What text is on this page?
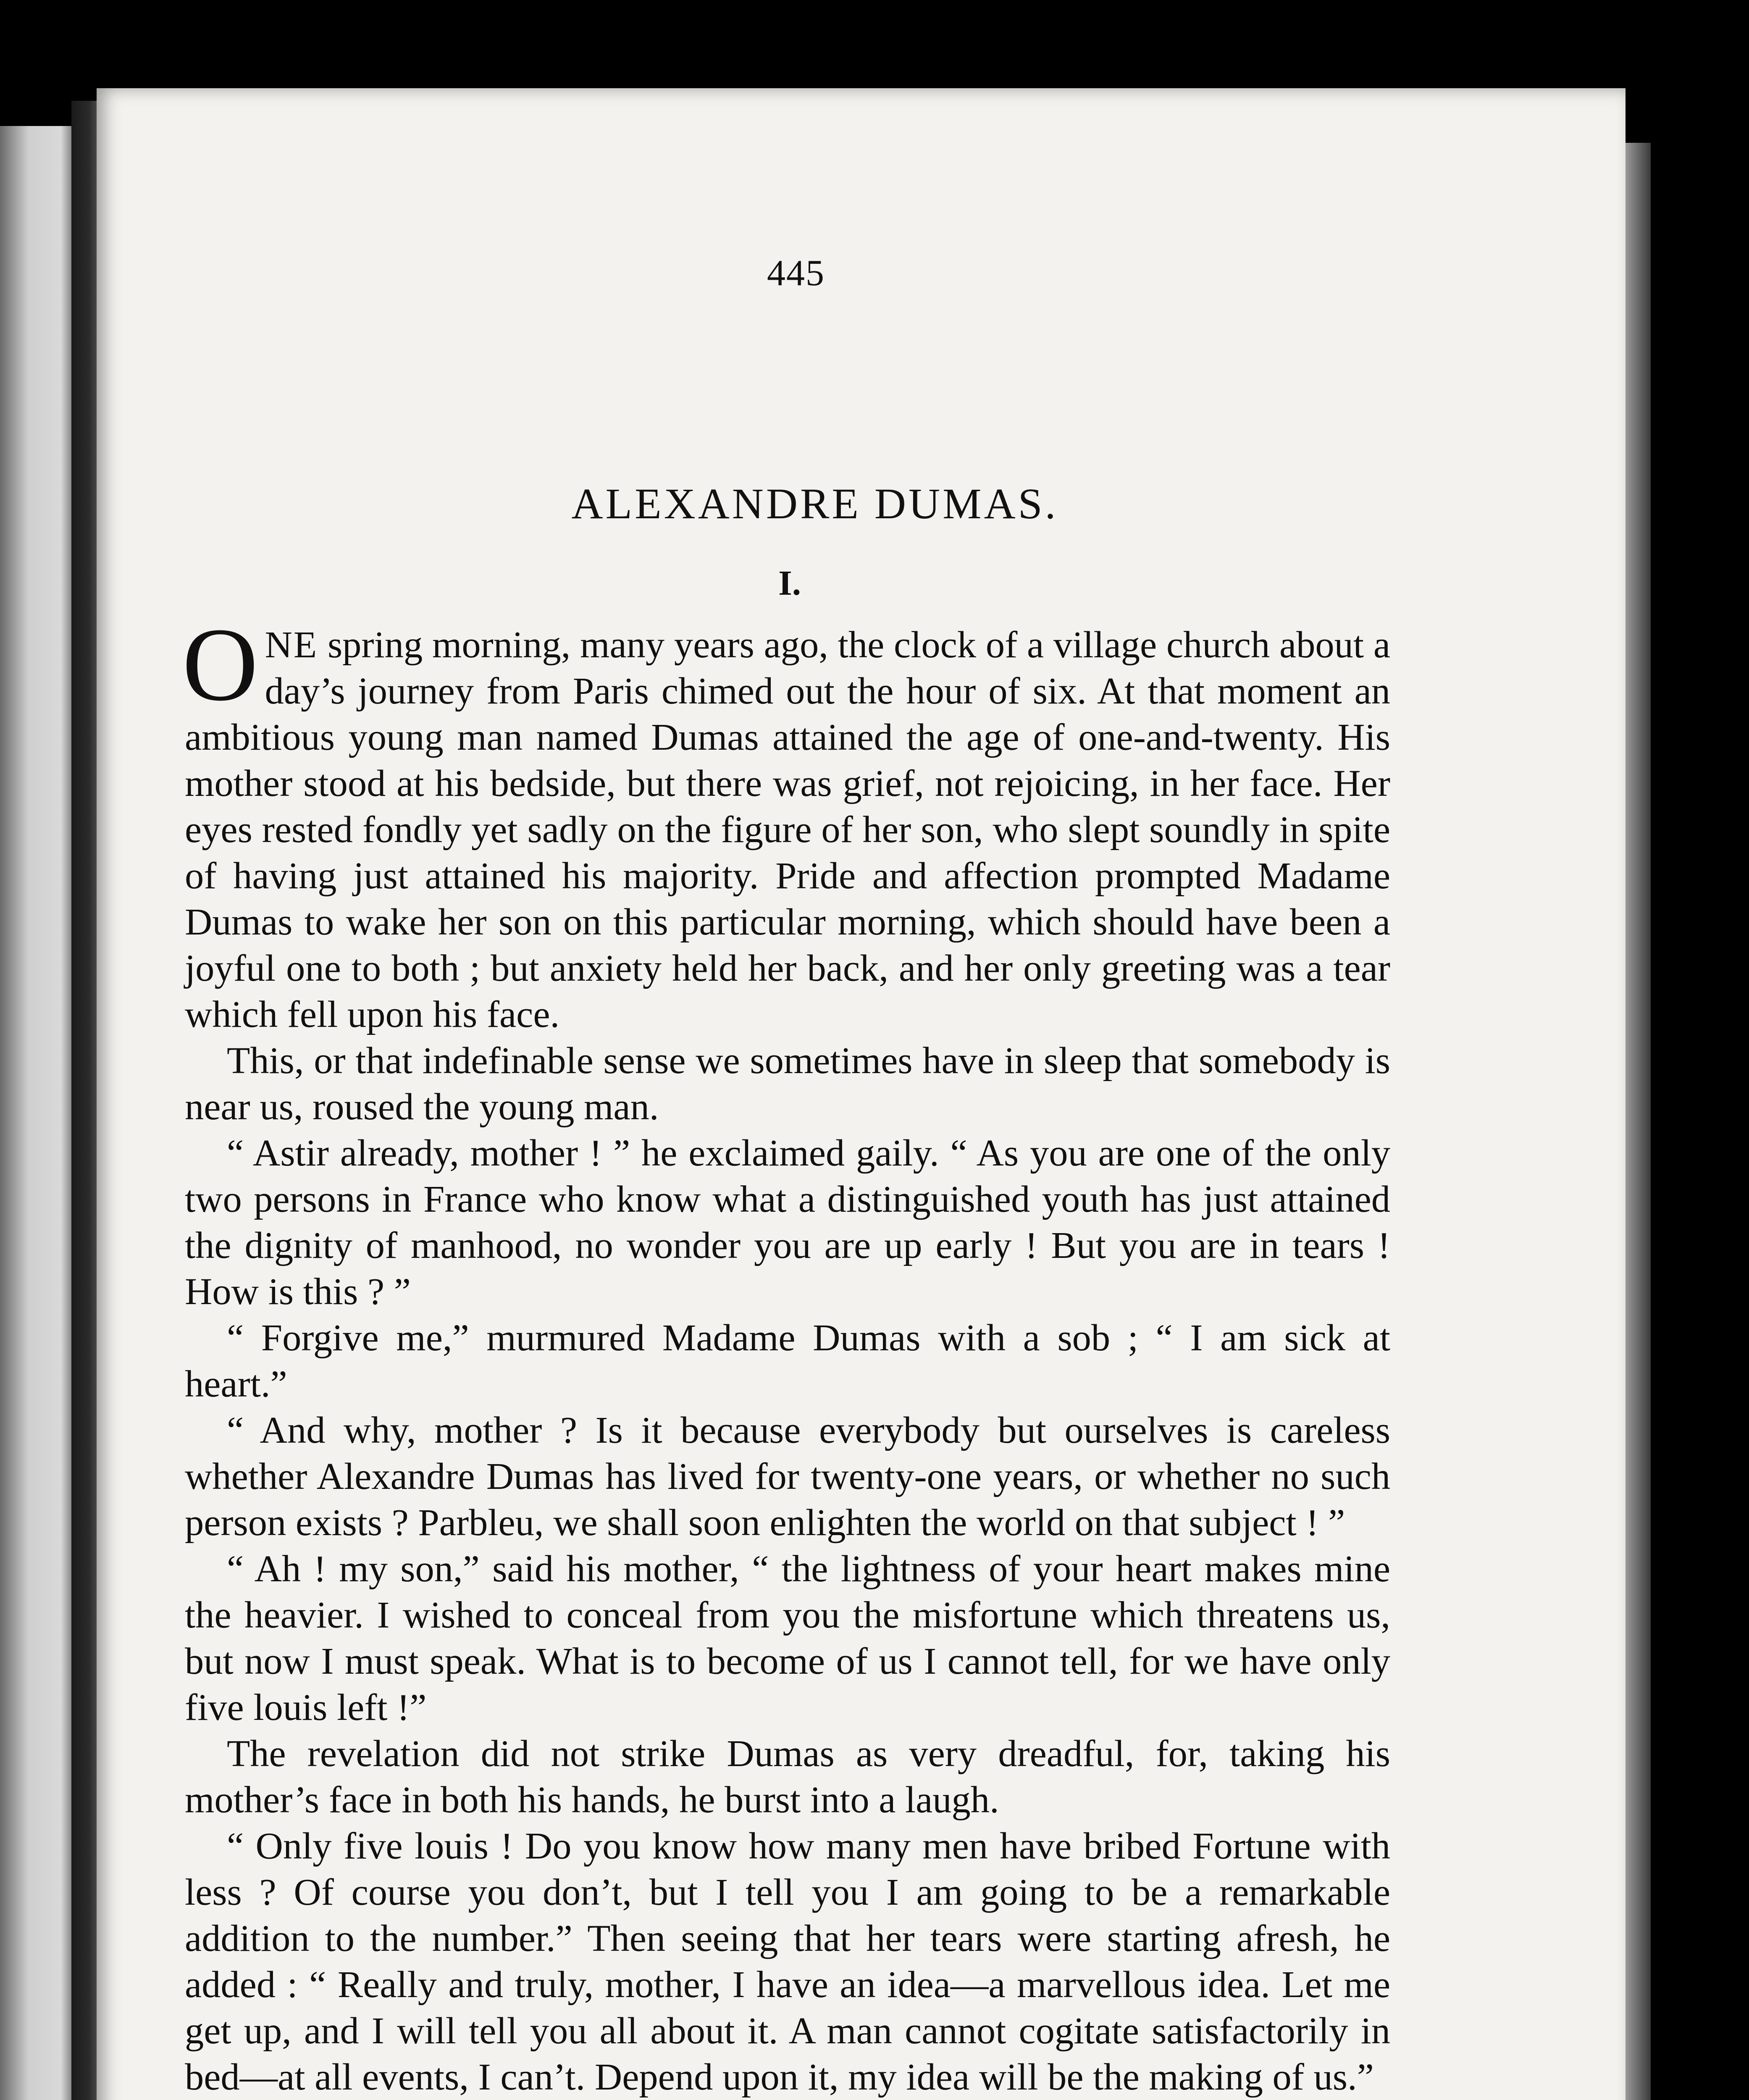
445
ALEXANDRE DUMAS.
I.

ONE spring morning, many years ago, the clock of a village church about a day’s journey from Paris chimed out the hour of six. At that moment an ambitious young man named Dumas attained the age of one-and-twenty. His mother stood at his bedside, but there was grief, not rejoicing, in her face. Her eyes rested fondly yet sadly on the figure of her son, who slept soundly in spite of having just attained his majority. Pride and affection prompted Madame Dumas to wake her son on this particular morning, which should have been a joyful one to both ; but anxiety held her back, and her only greeting was a tear which fell upon his face.

This, or that indefinable sense we sometimes have in sleep that somebody is near us, roused the young man.

“ Astir already, mother ! ” he exclaimed gaily. “ As you are one of the only two persons in France who know what a distinguished youth has just attained the dignity of manhood, no wonder you are up early ! But you are in tears ! How is this ? ”

“ Forgive me,” murmured Madame Dumas with a sob ; “ I am sick at heart.”

“ And why, mother ? Is it because everybody but ourselves is careless whether Alexandre Dumas has lived for twenty-one years, or whether no such person exists ? Parbleu, we shall soon enlighten the world on that subject ! ”

“ Ah ! my son,” said his mother, “ the lightness of your heart makes mine the heavier. I wished to conceal from you the misfortune which threatens us, but now I must speak. What is to become of us I cannot tell, for we have only five louis left !”

The revelation did not strike Dumas as very dreadful, for, taking his mother’s face in both his hands, he burst into a laugh.

“ Only five louis ! Do you know how many men have bribed Fortune with less ? Of course you don’t, but I tell you I am going to be a remarkable addition to the number.” Then seeing that her tears were starting afresh, he added : “ Really and truly, mother, I have an idea—a marvellous idea. Let me get up, and I will tell you all about it. A man cannot cogitate satisfactorily in bed—at all events, I can’t. Depend upon it, my idea will be the making of us.”
